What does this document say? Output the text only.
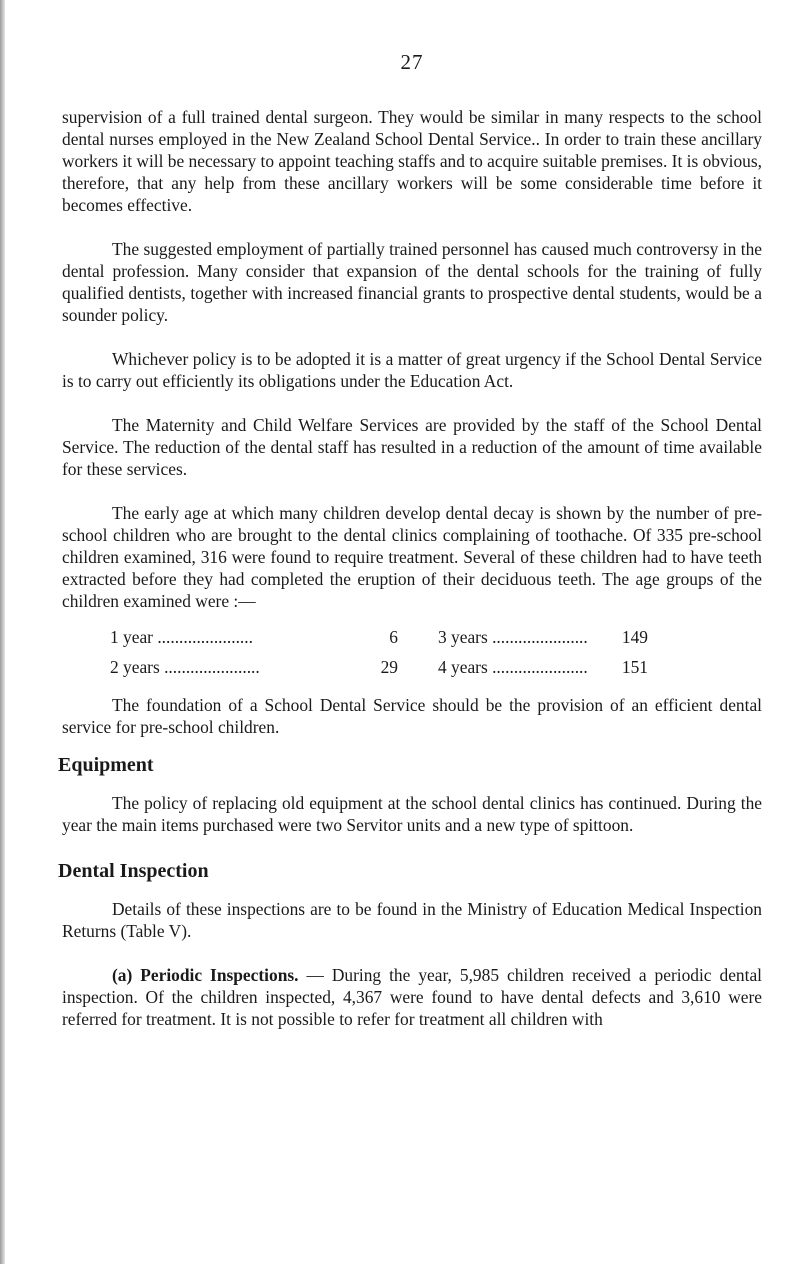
27

supervision of a full trained dental surgeon. They would be similar in many respects to the school dental nurses employed in the New Zealand School Dental Service.. In order to train these ancillary workers it will be necessary to appoint teaching staffs and to acquire suitable premises. It is obvious, therefore, that any help from these ancillary workers will be some considerable time before it becomes effective.

The suggested employment of partially trained personnel has caused much controversy in the dental profession. Many consider that expansion of the dental schools for the training of fully qualified dentists, together with increased financial grants to prospective dental students, would be a sounder policy.

Whichever policy is to be adopted it is a matter of great urgency if the School Dental Service is to carry out efficiently its obligations under the Education Act.

The Maternity and Child Welfare Services are provided by the staff of the School Dental Service. The reduction of the dental staff has resulted in a reduction of the amount of time available for these services.

The early age at which many children develop dental decay is shown by the number of pre-school children who are brought to the dental clinics complaining of toothache. Of 335 pre-school children examined, 316 were found to require treatment. Several of these children had to have teeth extracted before they had completed the eruption of their deciduous teeth. The age groups of the children examined were :—

1 year ......................	6	3 years ......................	149
2 years ......................	29	4 years ......................	151

The foundation of a School Dental Service should be the provision of an efficient dental service for pre-school children.

Equipment

The policy of replacing old equipment at the school dental clinics has continued. During the year the main items purchased were two Servitor units and a new type of spittoon.

Dental Inspection

Details of these inspections are to be found in the Ministry of Education Medical Inspection Returns (Table V).

(a) Periodic Inspections. — During the year, 5,985 children received a periodic dental inspection. Of the children inspected, 4,367 were found to have dental defects and 3,610 were referred for treatment. It is not possible to refer for treatment all children with
